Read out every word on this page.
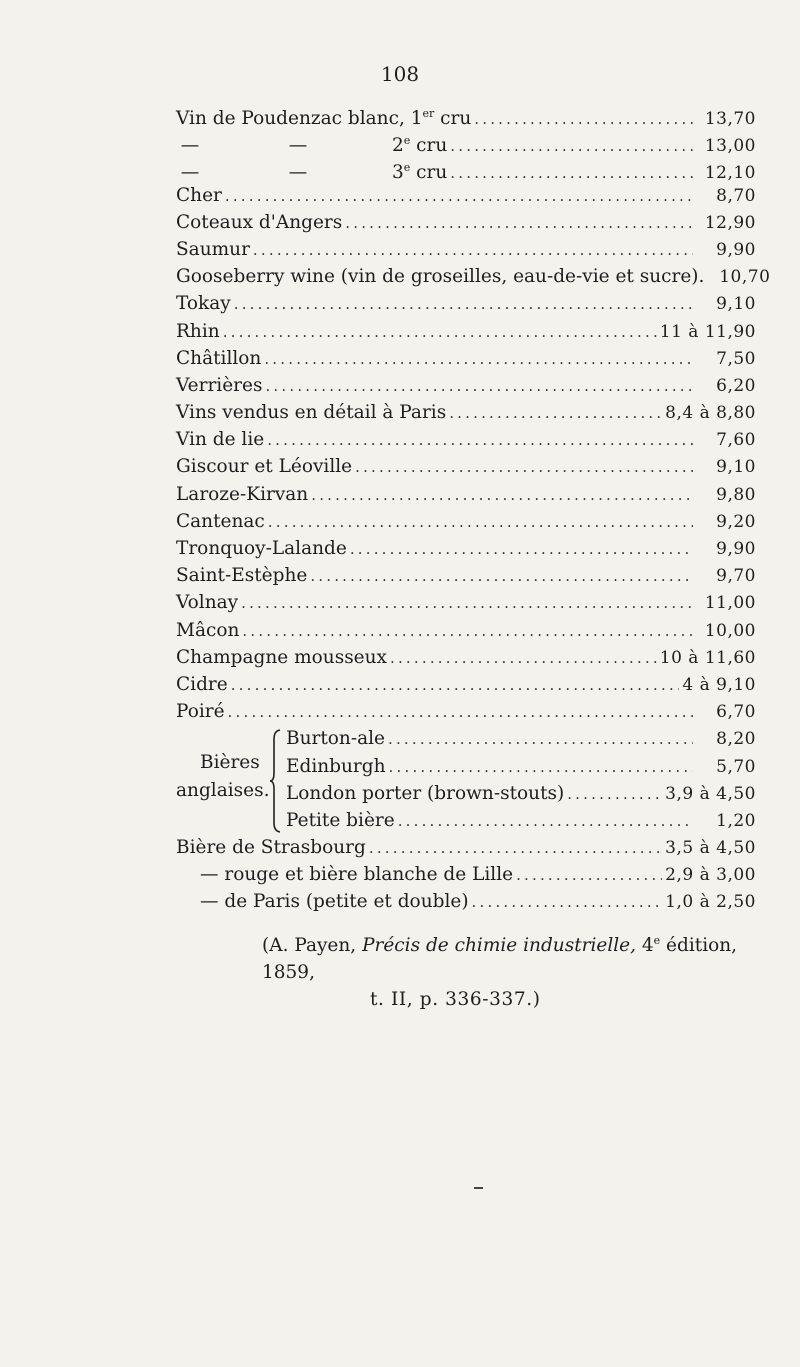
108
Vin de Poudenzac blanc, 1er cru .....	13,70
—	—	2e cru .....	13,00
—	—	3e cru .....	12,10
Cher .....	8,70
Coteaux d'Angers .....	12,90
Saumur .....	9,90
Gooseberry wine (vin de groseilles, eau-de-vie et sucre). 10,70
Tokay .....	9,10
Rhin .....	11 à 11,90
Châtillon .....	7,50
Verrières .....	6,20
Vins vendus en détail à Paris .....	8,4 à 8,80
Vin de lie .....	7,60
Giscour et Léoville .....	9,10
Laroze-Kirvan .....	9,80
Cantenac .....	9,20
Tronquoy-Lalande .....	9,90
Saint-Estèphe .....	9,70
Volnay .....	11,00
Mâcon .....	10,00
Champagne mousseux .....	10 à 11,60
Cidre .....	4 à 9,10
Poiré .....	6,70
Bières
anglaises.
Burton-ale .....	8,20
Edinburgh .....	5,70
London porter (brown-stouts) .....	3,9 à 4,50
Petite bière .....	1,20
Bière de Strasbourg .....	3,5 à 4,50
— rouge et bière blanche de Lille .....	2,9 à 3,00
— de Paris (petite et double) .....	1,0 à 2,50
(A. Payen, Précis de chimie industrielle, 4e édition, 1859,
t. II, p. 336-337.)
